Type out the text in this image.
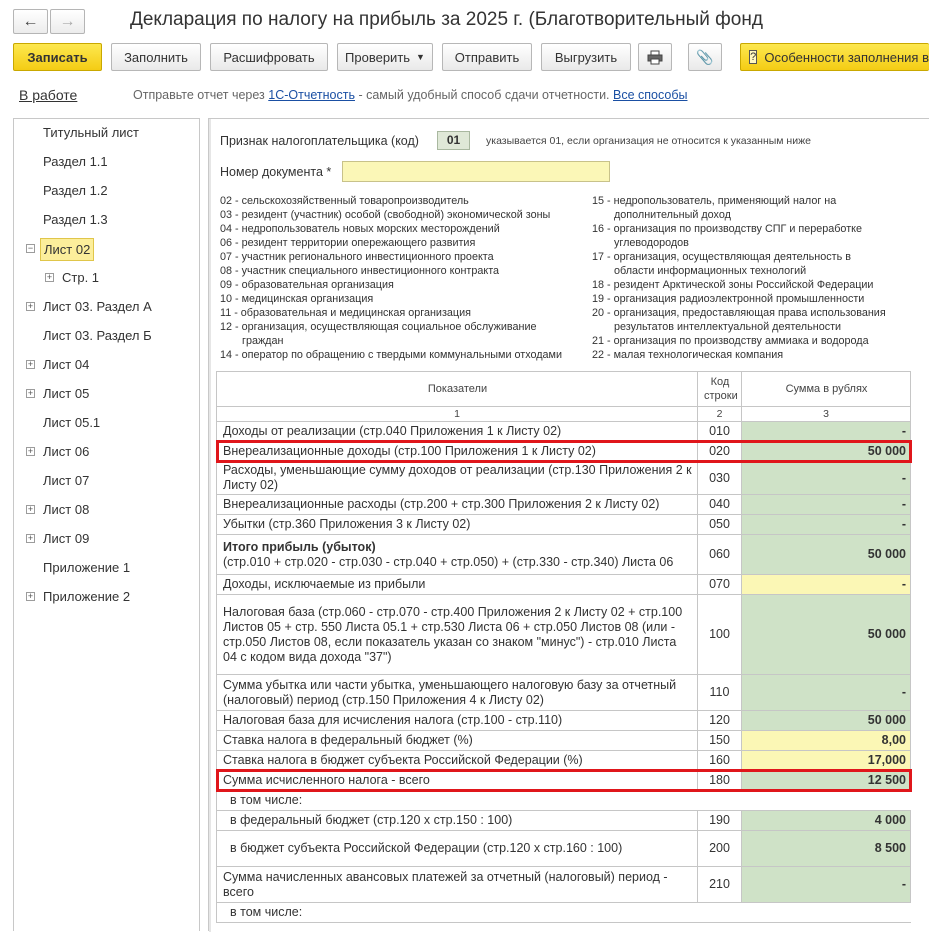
← →	Декларация по налогу на прибыль за 2025 г. (Благотворительный фонд
Записать	Заполнить	Расшифровать	Проверить ▼	Отправить	Выгрузить	📎	? Особенности заполнения в
В работе	Отправьте отчет через 1С-Отчетность - самый удобный способ сдачи отчетности. Все способы
Титульный лист
Раздел 1.1
Раздел 1.2
Раздел 1.3
− Лист 02
+ Стр. 1
+ Лист 03. Раздел А
Лист 03. Раздел Б
+ Лист 04
+ Лист 05
Лист 05.1
+ Лист 06
Лист 07
+ Лист 08
+ Лист 09
Приложение 1
+ Приложение 2
Признак налогоплательщика (код)	01	указывается 01, если организация не относится к указанным ниже
Номер документа *
02 - сельскохозяйственный товаропроизводитель
03 - резидент (участник) особой (свободной) экономической зоны
04 - недропользователь новых морских месторождений
06 - резидент территории опережающего развития
07 - участник регионального инвестиционного проекта
08 - участник специального инвестиционного контракта
09 - образовательная организация
10 - медицинская организация
11 - образовательная и медицинская организация
12 - организация, осуществляющая социальное обслуживание
граждан
14 - оператор по обращению с твердыми коммунальными отходами
15 - недропользователь, применяющий налог на
дополнительный доход
16 - организация по производству СПГ и переработке
углеводородов
17 - организация, осуществляющая деятельность в
области информационных технологий
18 - резидент Арктической зоны Российской Федерации
19 - организация радиоэлектронной промышленности
20 - организация, предоставляющая права использования
результатов интеллектуальной деятельности
21 - организация по производству аммиака и водорода
22 - малая технологическая компания
Показатели	Код строки	Сумма в рублях
1	2	3
Доходы от реализации (стр.040 Приложения 1 к Листу 02)	010	-
Внереализационные доходы (стр.100 Приложения 1 к Листу 02)	020	50 000
Расходы, уменьшающие сумму доходов от реализации (стр.130 Приложения 2 к Листу 02)	030	-
Внереализационные расходы (стр.200 + стр.300 Приложения 2 к Листу 02)	040	-
Убытки (стр.360 Приложения 3 к Листу 02)	050	-

Итого прибыль (убыток)
(стр.010 + стр.020 - стр.030 - стр.040 + стр.050) + (стр.330 - стр.340) Листа 06	060	50 000
Доходы, исключаемые из прибыли	070	-
Налоговая база (стр.060 - стр.070 - стр.400 Приложения 2 к Листу 02 + стр.100 Листов 05 + стр. 550 Листа 05.1 + стр.530 Листа 06 + стр.050 Листов 08 (или - стр.050 Листов 08, если показатель указан со знаком "минус") - стр.010 Листа 04 с кодом вида дохода "37")	100	50 000
Сумма убытка или части убытка, уменьшающего налоговую базу за отчетный (налоговый) период (стр.150 Приложения 4 к Листу 02)	110	-
Налоговая база для исчисления налога (стр.100 - стр.110)	120	50 000
Ставка налога в федеральный бюджет (%)	150	8,00
Ставка налога в бюджет субъекта Российской Федерации (%)	160	17,000
Сумма исчисленного налога - всего	180	12 500
в том числе:		
в федеральный бюджет (стр.120 х стр.150 : 100)	190	4 000
в бюджет субъекта Российской Федерации (стр.120 х стр.160 : 100)	200	8 500
Сумма начисленных авансовых платежей за отчетный (налоговый) период - всего	210	-
в том числе:		
